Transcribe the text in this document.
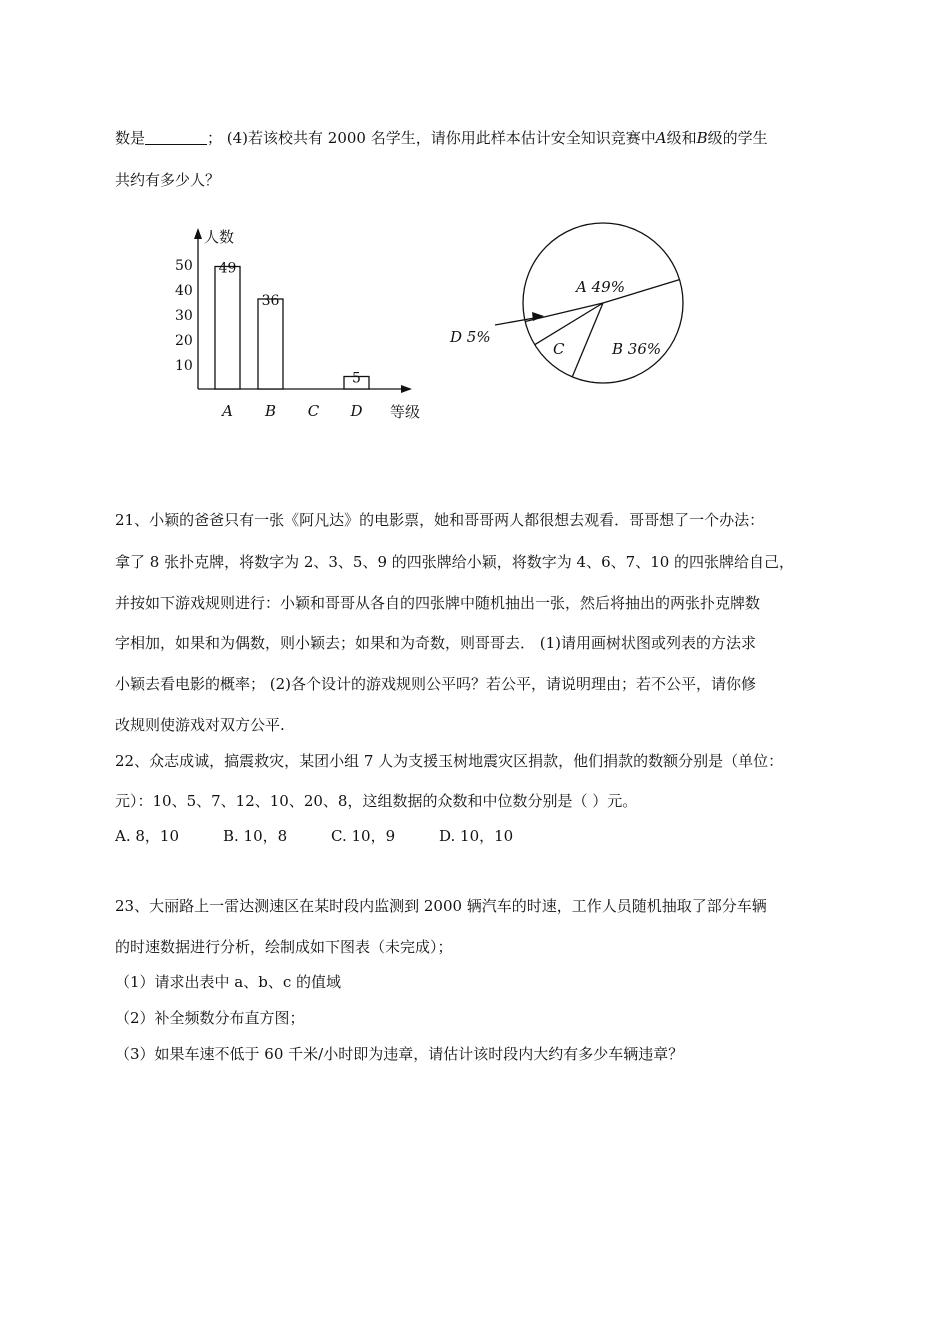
数是	； (4)若该校共有 2000 名学生，请你用此样本估计安全知识竞赛中A级和B级的学生
共约有多少人？
人数
等级
10
20
30
40
50 49
A
36
B C
5
D
A 49%
B 36%
C
D 5%
21、小颖的爸爸只有一张《阿凡达》的电影票，她和哥哥两人都很想去观看．哥哥想了一个办法：
拿了 8 张扑克牌，将数字为 2、3、5、9 的四张牌给小颖，将数字为 4、6、7、10 的四张牌给自己，
并按如下游戏规则进行：小颖和哥哥从各自的四张牌中随机抽出一张，然后将抽出的两张扑克牌数
字相加，如果和为偶数，则小颖去；如果和为奇数，则哥哥去． (1)请用画树状图或列表的方法求
小颖去看电影的概率； (2)各个设计的游戏规则公平吗？若公平，请说明理由；若不公平，请你修
改规则使游戏对双方公平.
22、众志成诚，搞震救灾，某团小组 7 人为支援玉树地震灾区捐款，他们捐款的数额分别是（单位：
元）：10、5、7、12、10、20、8，这组数据的众数和中位数分别是（ ）元。
A. 8，10	B. 10，8	C. 10，9	D. 10，10
23、大丽路上一雷达测速区在某时段内监测到 2000 辆汽车的时速，工作人员随机抽取了部分车辆
的时速数据进行分析，绘制成如下图表（未完成）；
（1）请求出表中 a、b、c 的值域
（2）补全频数分布直方图；
（3）如果车速不低于 60 千米/小时即为违章，请估计该时段内大约有多少车辆违章？
